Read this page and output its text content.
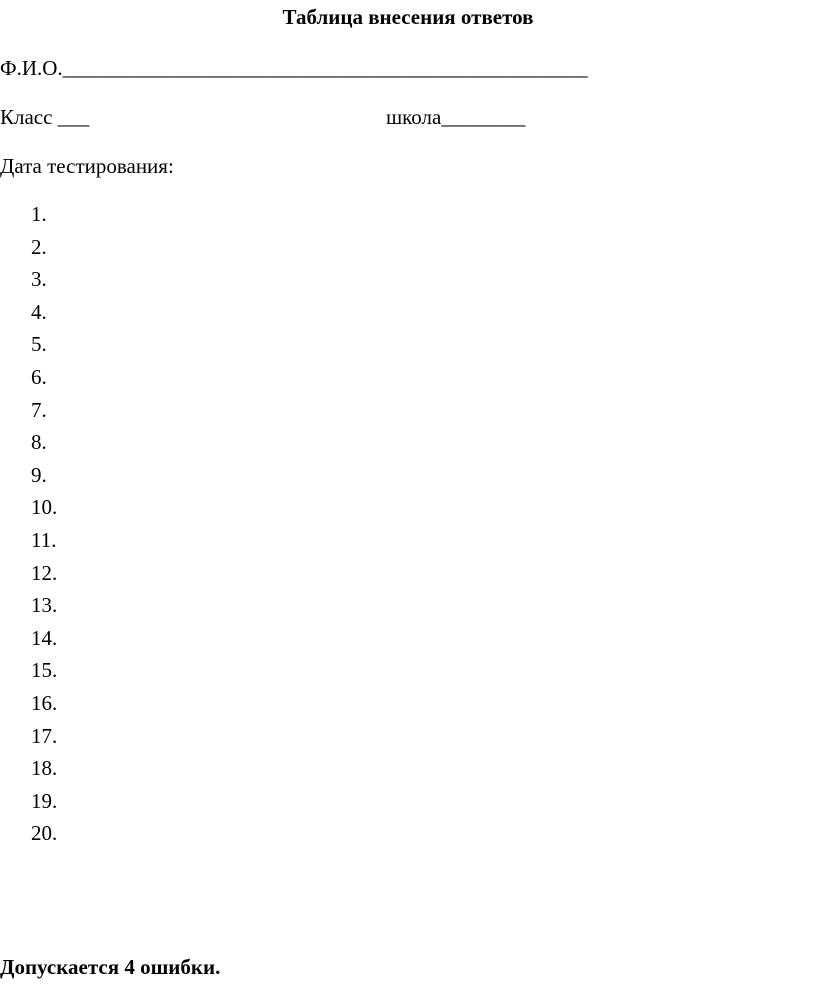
Таблица внесения ответов
Ф.И.О.__________________________________________________
Класс ___	школа________
Дата тестирования:
1.
2.
3.
4.
5.
6.
7.
8.
9.
10.
11.
12.
13.
14.
15.
16.
17.
18.
19.
20.
Допускается 4 ошибки.
